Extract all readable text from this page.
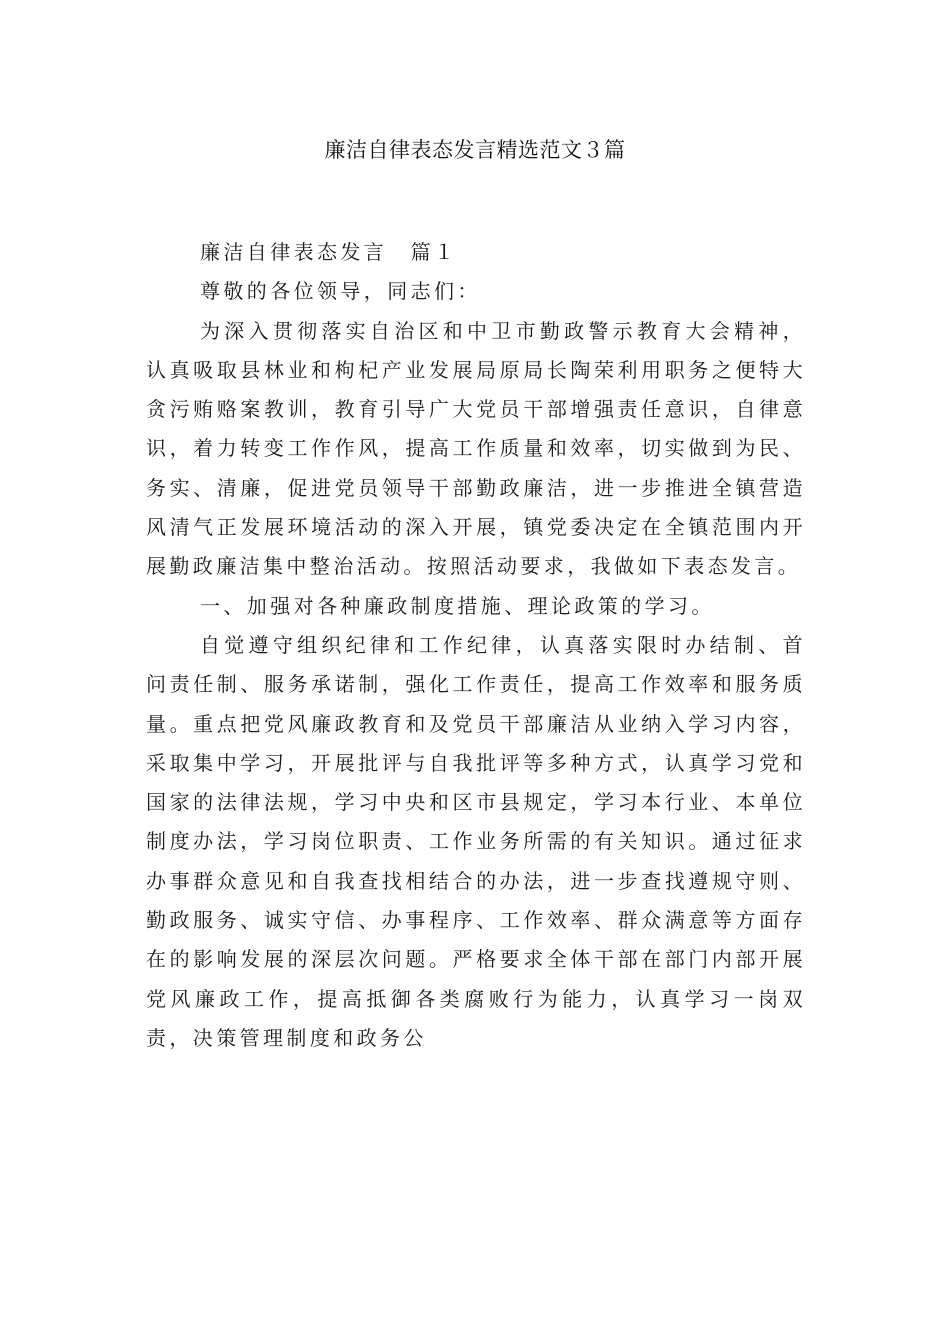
廉洁自律表态发言精选范文３篇

廉洁自律表态发言　篇１

尊敬的各位领导，同志们：

为深入贯彻落实自治区和中卫市勤政警示教育大会精神，认真吸取县林业和枸杞产业发展局原局长陶荣利用职务之便特大贪污贿赂案教训，教育引导广大党员干部增强责任意识，自律意识，着力转变工作作风，提高工作质量和效率，切实做到为民、务实、清廉，促进党员领导干部勤政廉洁，进一步推进全镇营造风清气正发展环境活动的深入开展，镇党委决定在全镇范围内开展勤政廉洁集中整治活动。按照活动要求，我做如下表态发言。

一、加强对各种廉政制度措施、理论政策的学习。

自觉遵守组织纪律和工作纪律，认真落实限时办结制、首问责任制、服务承诺制，强化工作责任，提高工作效率和服务质量。重点把党风廉政教育和及党员干部廉洁从业纳入学习内容，采取集中学习，开展批评与自我批评等多种方式，认真学习党和国家的法律法规，学习中央和区市县规定，学习本行业、本单位制度办法，学习岗位职责、工作业务所需的有关知识。通过征求办事群众意见和自我查找相结合的办法，进一步查找遵规守则、勤政服务、诚实守信、办事程序、工作效率、群众满意等方面存在的影响发展的深层次问题。严格要求全体干部在部门内部开展党风廉政工作，提高抵御各类腐败行为能力，认真学习一岗双责，决策管理制度和政务公
